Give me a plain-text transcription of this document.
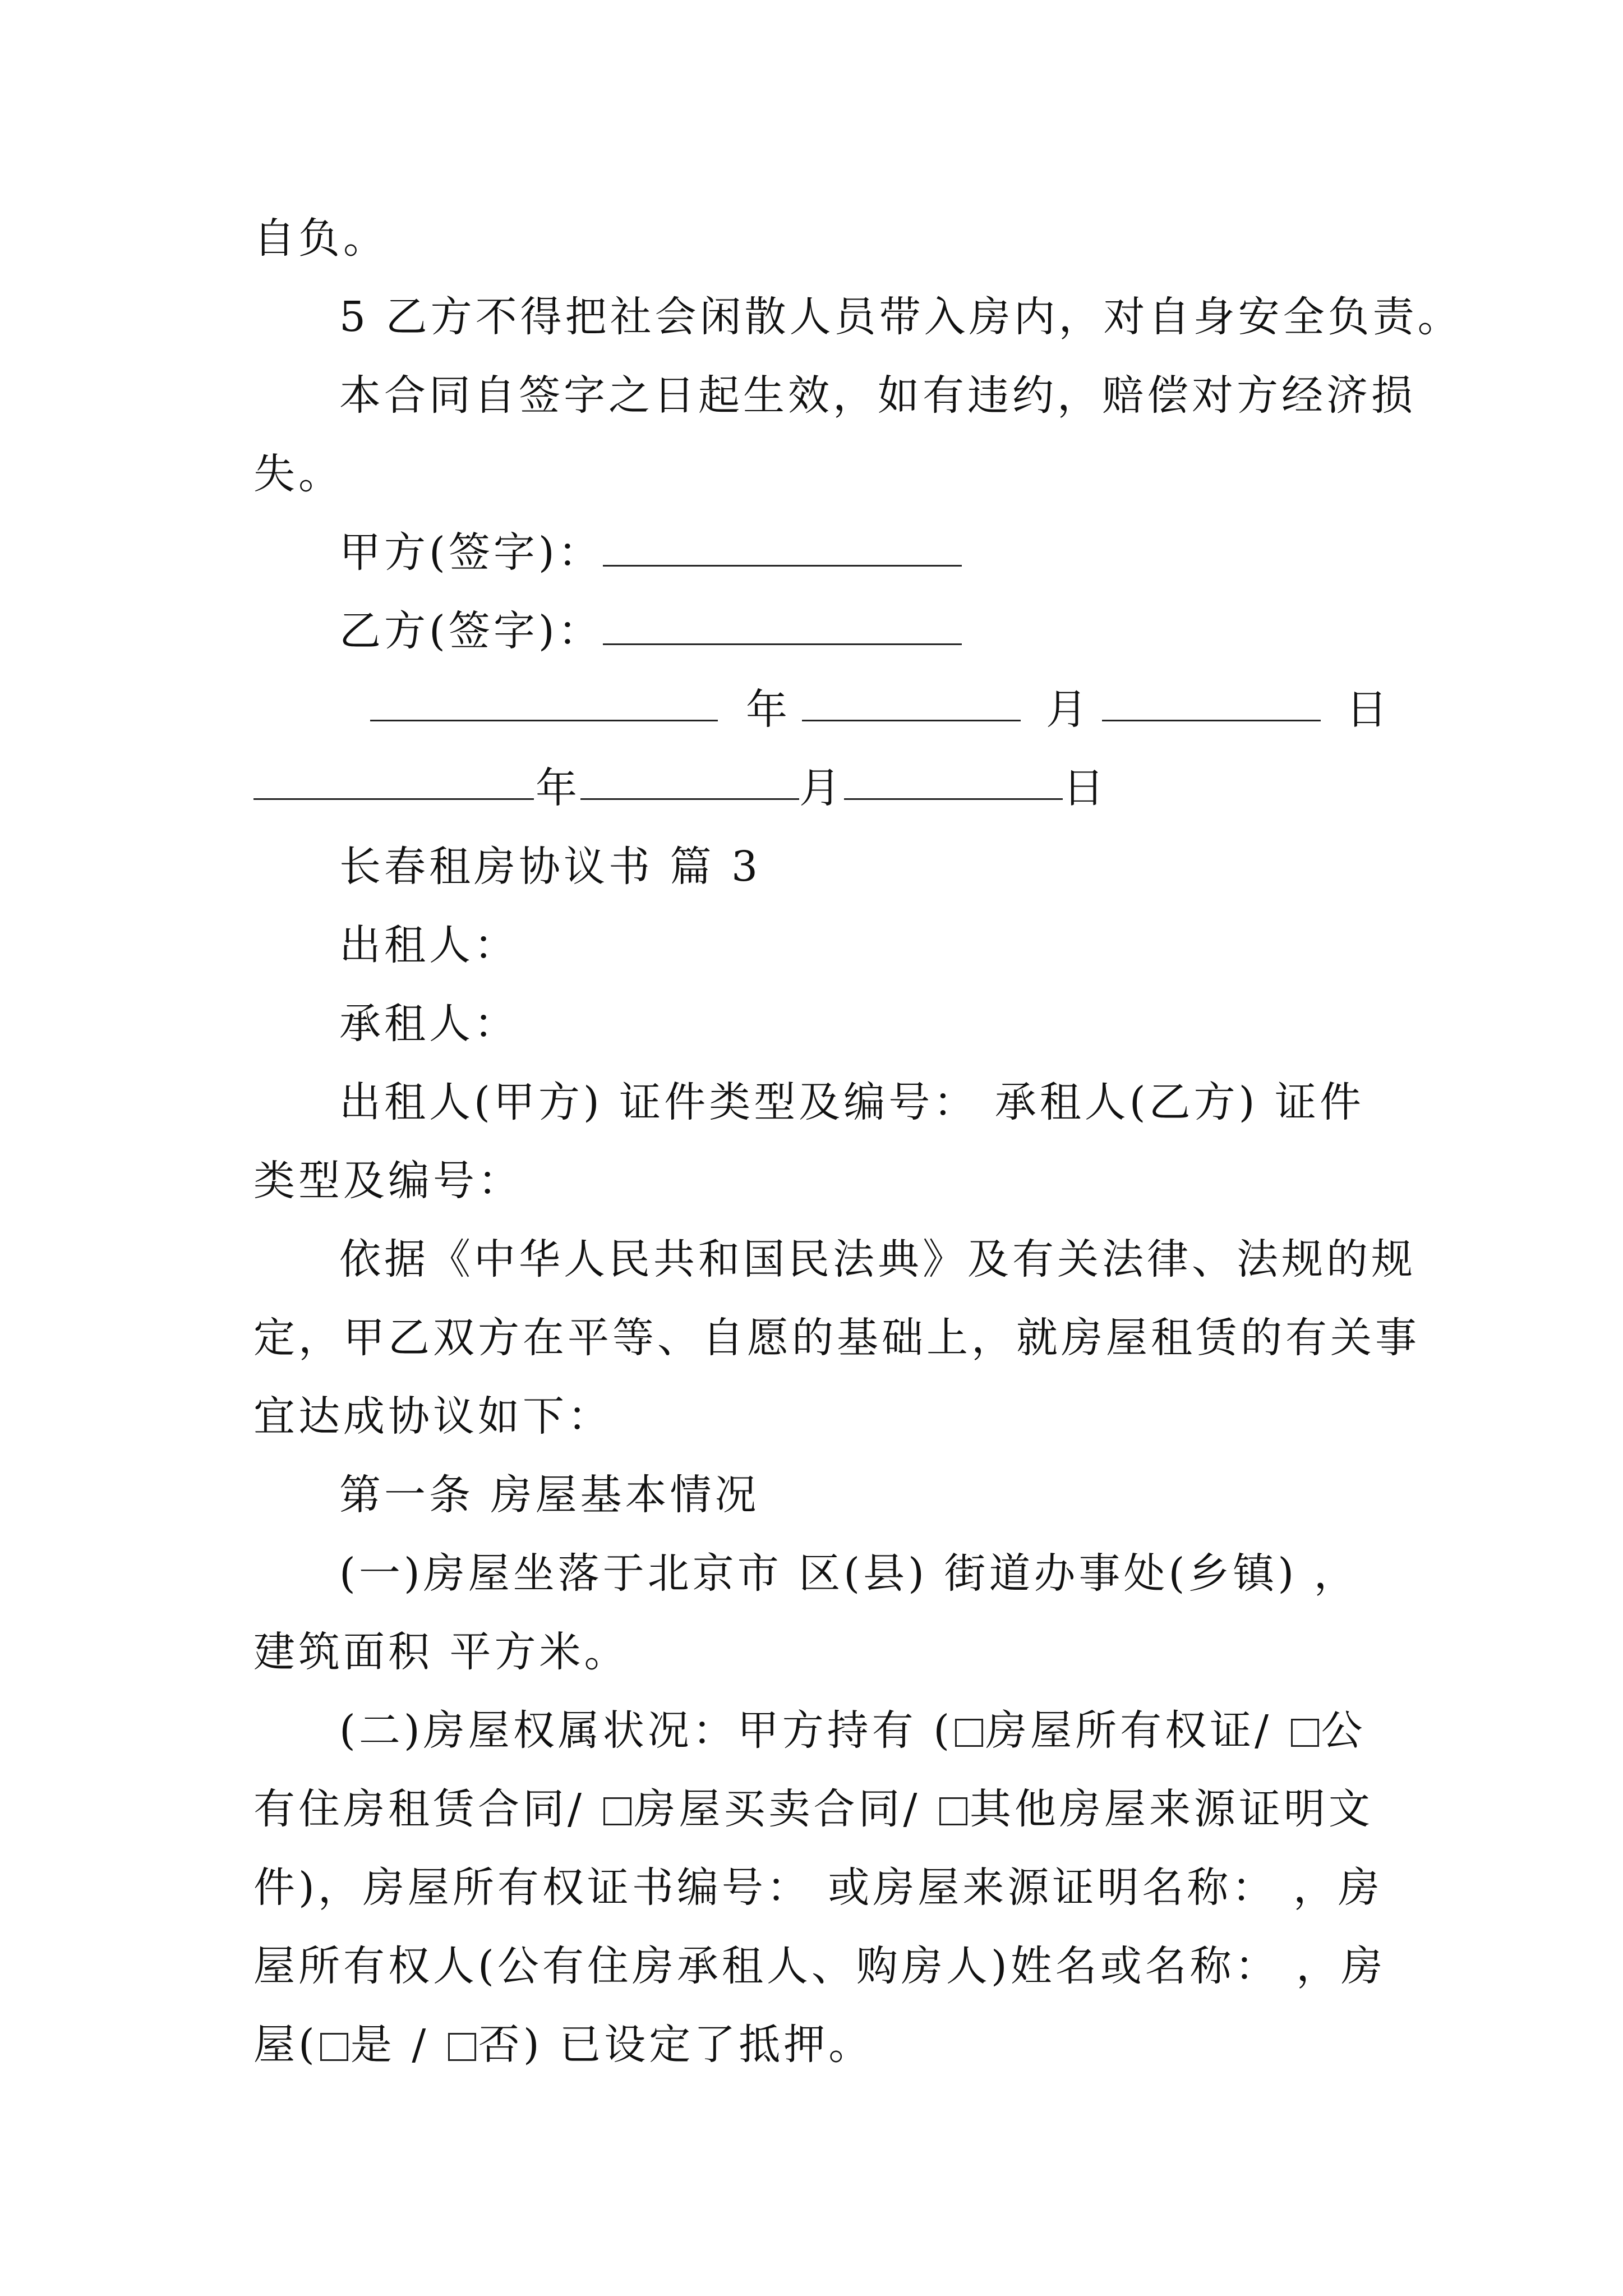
自负。
5 乙方不得把社会闲散人员带入房内，对自身安全负责。
本合同自签字之日起生效，如有违约，赔偿对方经济损
失。
甲方(签字)：
乙方(签字)：
年	月	日
年	月	日
长春租房协议书 篇 3
出租人：
承租人：
出租人(甲方) 证件类型及编号： 承租人(乙方) 证件
类型及编号：
依据《中华人民共和国民法典》及有关法律、法规的规
定，甲乙双方在平等、自愿的基础上，就房屋租赁的有关事
宜达成协议如下：
第一条 房屋基本情况
(一)房屋坐落于北京市 区(县) 街道办事处(乡镇) ，
建筑面积 平方米。
(二)房屋权属状况：甲方持有 ( 房屋所有权证/ 公
有住房租赁合同/ 房屋买卖合同/ 其他房屋来源证明文
件)，房屋所有权证书编号： 或房屋来源证明名称： ，房
屋所有权人(公有住房承租人、购房人)姓名或名称： ，房
屋( 是 / 否) 已设定了抵押。
